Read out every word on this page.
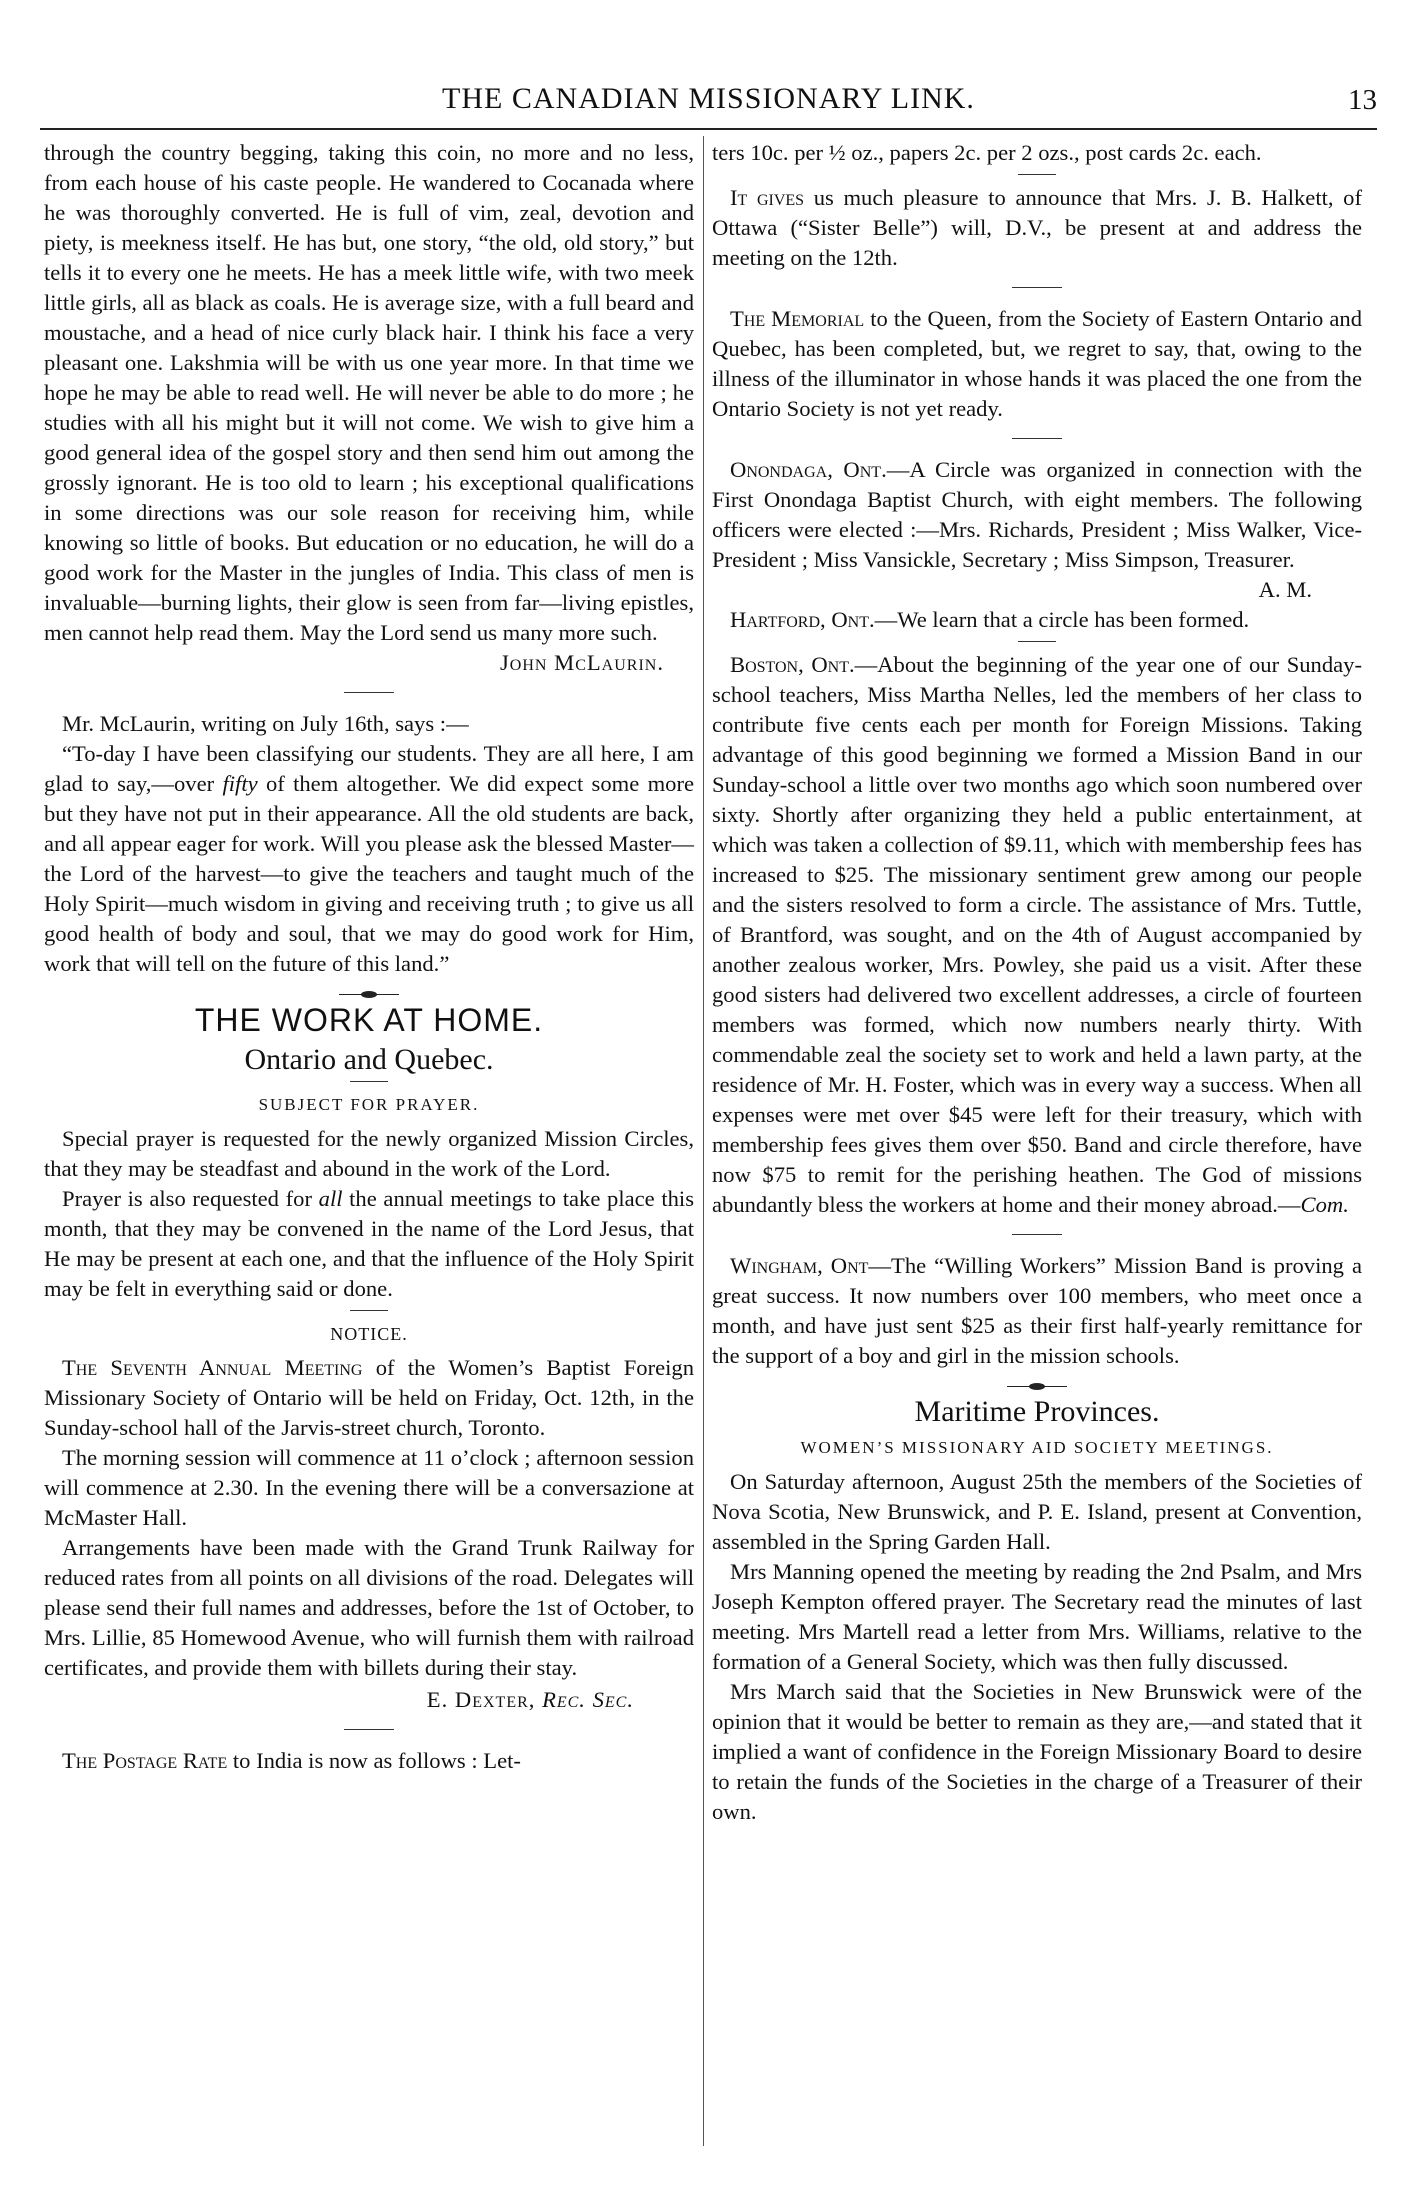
THE CANADIAN MISSIONARY LINK.	13

through the country begging, taking this coin, no more and no less, from each house of his caste people. He wandered to Cocanada where he was thoroughly converted. He is full of vim, zeal, devotion and piety, is meekness itself. He has but, one story, “the old, old story,” but tells it to every one he meets. He has a meek little wife, with two meek little girls, all as black as coals. He is average size, with a full beard and moustache, and a head of nice curly black hair. I think his face a very pleasant one. Lakshmia will be with us one year more. In that time we hope he may be able to read well. He will never be able to do more ; he studies with all his might but it will not come. We wish to give him a good general idea of the gospel story and then send him out among the grossly ignorant. He is too old to learn ; his exceptional qualifications in some directions was our sole reason for receiving him, while knowing so little of books. But education or no education, he will do a good work for the Master in the jungles of India. This class of men is invaluable—burning lights, their glow is seen from far—living epistles, men cannot help read them. May the Lord send us many more such.

John McLaurin.

Mr. McLaurin, writing on July 16th, says :—

“To-day I have been classifying our students. They are all here, I am glad to say,—over fifty of them altogether. We did expect some more but they have not put in their appearance. All the old students are back, and all appear eager for work. Will you please ask the blessed Master—the Lord of the harvest—to give the teachers and taught much of the Holy Spirit—much wisdom in giving and receiving truth ; to give us all good health of body and soul, that we may do good work for Him, work that will tell on the future of this land.”

THE WORK AT HOME.
Ontario and Quebec.
SUBJECT FOR PRAYER.

Special prayer is requested for the newly organized Mission Circles, that they may be steadfast and abound in the work of the Lord.

Prayer is also requested for all the annual meetings to take place this month, that they may be convened in the name of the Lord Jesus, that He may be present at each one, and that the influence of the Holy Spirit may be felt in everything said or done.

NOTICE.

The Seventh Annual Meeting of the Women’s Baptist Foreign Missionary Society of Ontario will be held on Friday, Oct. 12th, in the Sunday-school hall of the Jarvis-street church, Toronto.

The morning session will commence at 11 o’clock ; afternoon session will commence at 2.30. In the evening there will be a conversazione at McMaster Hall.

Arrangements have been made with the Grand Trunk Railway for reduced rates from all points on all divisions of the road. Delegates will please send their full names and addresses, before the 1st of October, to Mrs. Lillie, 85 Homewood Avenue, who will furnish them with railroad certificates, and provide them with billets during their stay.

E. Dexter, Rec. Sec.

The Postage Rate to India is now as follows : Let-

ters 10c. per ½ oz., papers 2c. per 2 ozs., post cards 2c. each.

It gives us much pleasure to announce that Mrs. J. B. Halkett, of Ottawa (“Sister Belle”) will, D.V., be present at and address the meeting on the 12th.

The Memorial to the Queen, from the Society of Eastern Ontario and Quebec, has been completed, but, we regret to say, that, owing to the illness of the illuminator in whose hands it was placed the one from the Ontario Society is not yet ready.

Onondaga, Ont.—A Circle was organized in connection with the First Onondaga Baptist Church, with eight members. The following officers were elected :—Mrs. Richards, President ; Miss Walker, Vice-President ; Miss Vansickle, Secretary ; Miss Simpson, Treasurer.

A. M.

Hartford, Ont.—We learn that a circle has been formed.

Boston, Ont.—About the beginning of the year one of our Sunday-school teachers, Miss Martha Nelles, led the members of her class to contribute five cents each per month for Foreign Missions. Taking advantage of this good beginning we formed a Mission Band in our Sunday-school a little over two months ago which soon numbered over sixty. Shortly after organizing they held a public entertainment, at which was taken a collection of $9.11, which with membership fees has increased to $25. The missionary sentiment grew among our people and the sisters resolved to form a circle. The assistance of Mrs. Tuttle, of Brantford, was sought, and on the 4th of August accompanied by another zealous worker, Mrs. Powley, she paid us a visit. After these good sisters had delivered two excellent addresses, a circle of fourteen members was formed, which now numbers nearly thirty. With commendable zeal the society set to work and held a lawn party, at the residence of Mr. H. Foster, which was in every way a success. When all expenses were met over $45 were left for their treasury, which with membership fees gives them over $50. Band and circle therefore, have now $75 to remit for the perishing heathen. The God of missions abundantly bless the workers at home and their money abroad.—Com.

Wingham, Ont—The “Willing Workers” Mission Band is proving a great success. It now numbers over 100 members, who meet once a month, and have just sent $25 as their first half-yearly remittance for the support of a boy and girl in the mission schools.

Maritime Provinces.
WOMEN’S MISSIONARY AID SOCIETY MEETINGS.

On Saturday afternoon, August 25th the members of the Societies of Nova Scotia, New Brunswick, and P. E. Island, present at Convention, assembled in the Spring Garden Hall.

Mrs Manning opened the meeting by reading the 2nd Psalm, and Mrs Joseph Kempton offered prayer. The Secretary read the minutes of last meeting. Mrs Martell read a letter from Mrs. Williams, relative to the formation of a General Society, which was then fully discussed.

Mrs March said that the Societies in New Brunswick were of the opinion that it would be better to remain as they are,—and stated that it implied a want of confidence in the Foreign Missionary Board to desire to retain the funds of the Societies in the charge of a Treasurer of their own.
